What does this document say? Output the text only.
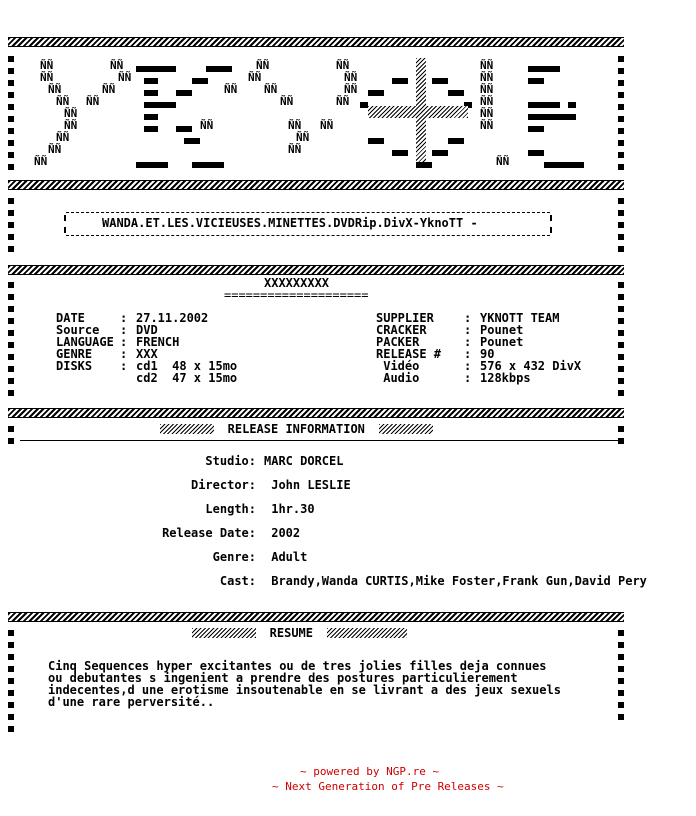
ÑÑ
ÑÑ
ÑÑ
ÑÑ
ÑÑ
ÑÑ
ÑÑ
ÑÑ
ÑÑ
ÑÑ
ÑÑ
ÑÑ
ÑÑ
ÑÑ
ÑÑ
ÑÑ ÑÑ
ÑÑ
ÑÑ	ÑÑ ÑÑ
ÑÑ
ÑÑ
ÑÑ
ÑÑ
ÑÑ
ÑÑ
ÑÑ
ÑÑ
ÑÑ
ÑÑ
ÑÑ
ÑÑ
ÑÑ
WANDA.ET.LES.VICIEUSES.MINETTES.DVDRip.DivX-YknoTT -
XXXXXXXXX
====================
DATE	: 27.11.2002
Source : DVD
LANGUAGE : FRENCH
GENRE : XXX
DISKS : cd1  48 x 15mo
cd2  47 x 15mo
SUPPLIER	: YKNOTT TEAM
CRACKER	: Pounet
PACKER	: Pounet
RELEASE # : 90
Vidéo	: 576 x 432 DivX
Audio	: 128kbps
RELEASE INFORMATION
Studio: MARC DORCEL
Director: John LESLIE
Length: 1hr.30
Release Date: 2002
Genre: Adult
Cast: Brandy,Wanda CURTIS,Mike Foster,Frank Gun,David Pery
RESUME
Cinq Sequences hyper excitantes ou de tres jolies filles deja connues
ou debutantes s ingenient a prendre des postures particulierement
indecentes,d une erotisme insoutenable en se livrant a des jeux sexuels
d'une rare perversité..
~ powered by NGP.re ~
~ Next Generation of Pre Releases ~
